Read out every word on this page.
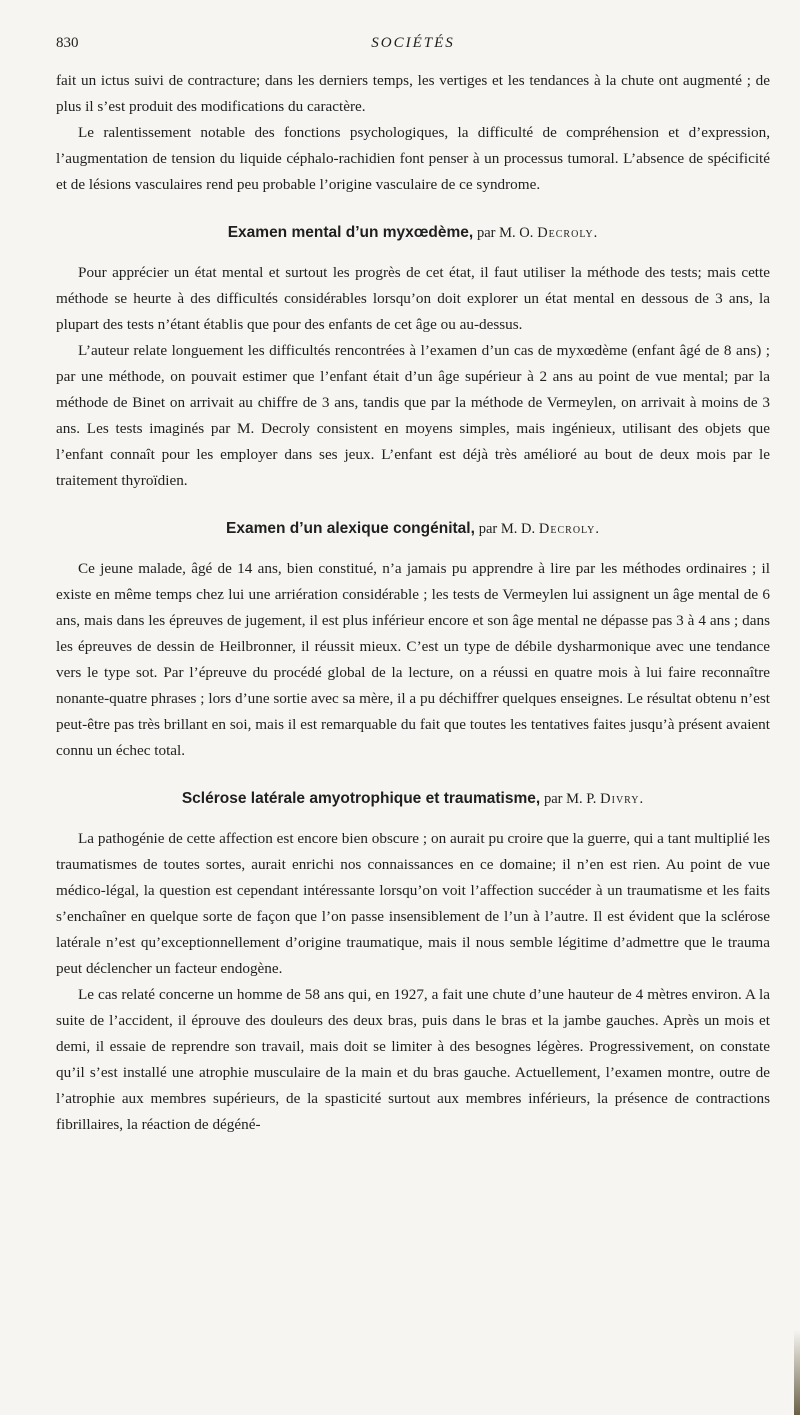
830	SOCIÉTÉS

fait un ictus suivi de contracture; dans les derniers temps, les vertiges et les tendances à la chute ont augmenté ; de plus il s’est produit des modifications du caractère.

Le ralentissement notable des fonctions psychologiques, la difficulté de compréhension et d’expression, l’augmentation de tension du liquide céphalo-rachidien font penser à un processus tumoral. L’absence de spécificité et de lésions vasculaires rend peu probable l’origine vasculaire de ce syndrome.

Examen mental d’un myxœdème, par M. O. Decroly.

Pour apprécier un état mental et surtout les progrès de cet état, il faut utiliser la méthode des tests; mais cette méthode se heurte à des difficultés considérables lorsqu’on doit explorer un état mental en dessous de 3 ans, la plupart des tests n’étant établis que pour des enfants de cet âge ou au-dessus.

L’auteur relate longuement les difficultés rencontrées à l’examen d’un cas de myxœdème (enfant âgé de 8 ans) ; par une méthode, on pouvait estimer que l’enfant était d’un âge supérieur à 2 ans au point de vue mental; par la méthode de Binet on arrivait au chiffre de 3 ans, tandis que par la méthode de Vermeylen, on arrivait à moins de 3 ans. Les tests imaginés par M. Decroly consistent en moyens simples, mais ingénieux, utilisant des objets que l’enfant connaît pour les employer dans ses jeux. L’enfant est déjà très amélioré au bout de deux mois par le traitement thyroïdien.

Examen d’un alexique congénital, par M. D. Decroly.

Ce jeune malade, âgé de 14 ans, bien constitué, n’a jamais pu apprendre à lire par les méthodes ordinaires ; il existe en même temps chez lui une arriération considérable ; les tests de Vermeylen lui assignent un âge mental de 6 ans, mais dans les épreuves de jugement, il est plus inférieur encore et son âge mental ne dépasse pas 3 à 4 ans ; dans les épreuves de dessin de Heilbronner, il réussit mieux. C’est un type de débile dysharmonique avec une tendance vers le type sot. Par l’épreuve du procédé global de la lecture, on a réussi en quatre mois à lui faire reconnaître nonante-quatre phrases ; lors d’une sortie avec sa mère, il a pu déchiffrer quelques enseignes. Le résultat obtenu n’est peut-être pas très brillant en soi, mais il est remarquable du fait que toutes les tentatives faites jusqu’à présent avaient connu un échec total.

Sclérose latérale amyotrophique et traumatisme, par M. P. Divry.

La pathogénie de cette affection est encore bien obscure ; on aurait pu croire que la guerre, qui a tant multiplié les traumatismes de toutes sortes, aurait enrichi nos connaissances en ce domaine; il n’en est rien. Au point de vue médico-légal, la question est cependant intéressante lorsqu’on voit l’affection succéder à un traumatisme et les faits s’enchaîner en quelque sorte de façon que l’on passe insensiblement de l’un à l’autre. Il est évident que la sclérose latérale n’est qu’exceptionnellement d’origine traumatique, mais il nous semble légitime d’admettre que le trauma peut déclencher un facteur endogène.

Le cas relaté concerne un homme de 58 ans qui, en 1927, a fait une chute d’une hauteur de 4 mètres environ. A la suite de l’accident, il éprouve des douleurs des deux bras, puis dans le bras et la jambe gauches. Après un mois et demi, il essaie de reprendre son travail, mais doit se limiter à des besognes légères. Progressivement, on constate qu’il s’est installé une atrophie musculaire de la main et du bras gauche. Actuellement, l’examen montre, outre de l’atrophie aux membres supérieurs, de la spasticité surtout aux membres inférieurs, la présence de contractions fibrillaires, la réaction de dégéné-
